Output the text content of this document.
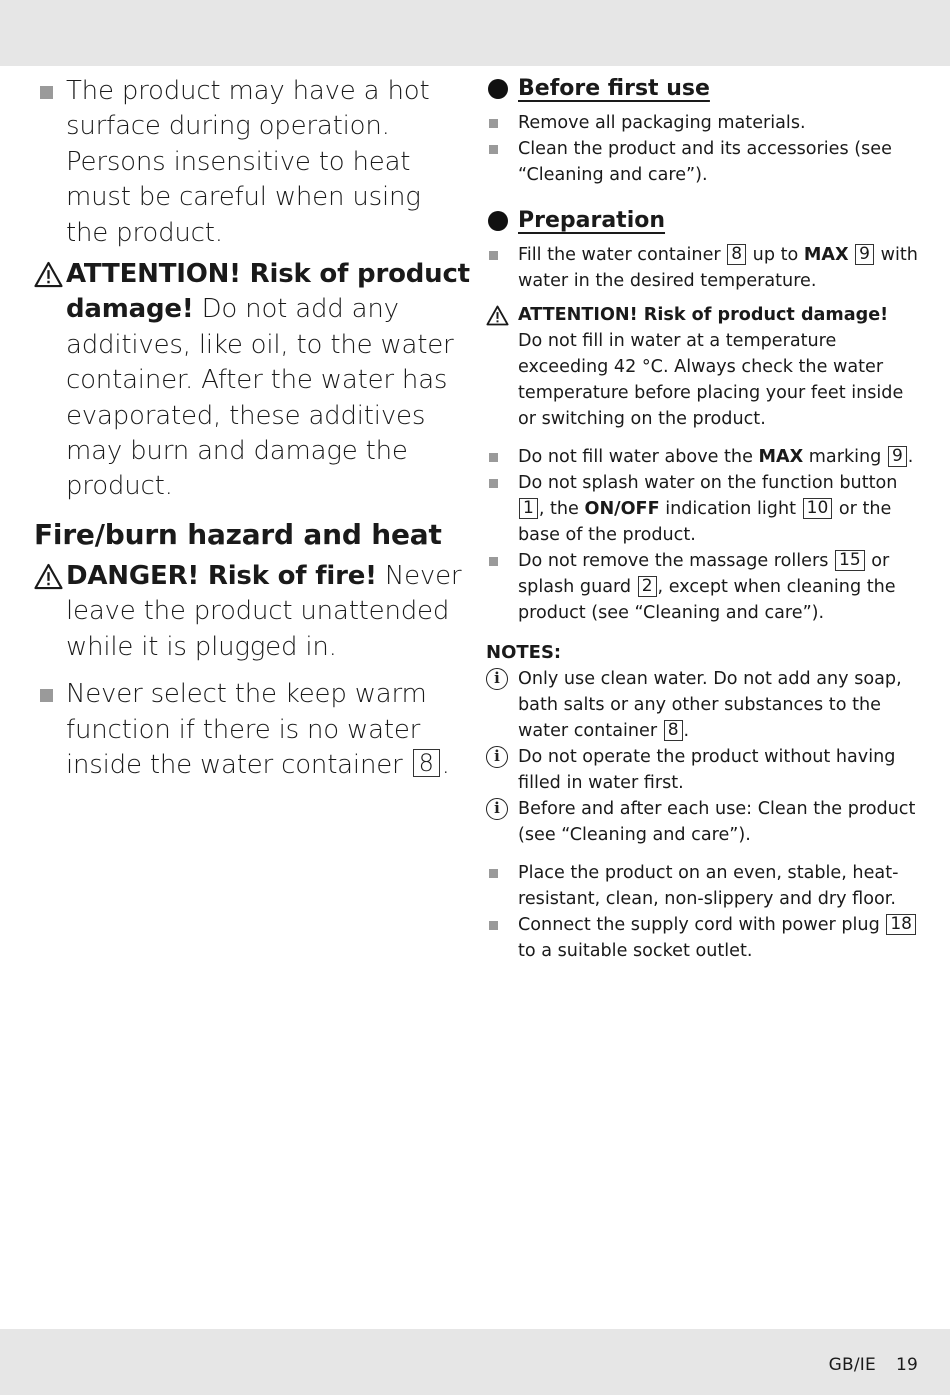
The product may have a hot surface during operation. Persons insensitive to heat must be careful when using the product.
ATTENTION! Risk of product damage! Do not add any additives, like oil, to the water container. After the water has evaporated, these additives may burn and damage the product.
Fire/burn hazard and heat
DANGER! Risk of fire! Never leave the product unattended while it is plugged in.
Never select the keep warm function if there is no water inside the water container 8 .
Before first use
Remove all packaging materials.
Clean the product and its accessories (see “Cleaning and care”).
Preparation
Fill the water container 8 up to MAX 9 with water in the desired temperature.
ATTENTION! Risk of product damage!
Do not fill in water at a temperature exceeding 42 °C. Always check the water temperature before placing your feet inside or switching on the product.
Do not fill water above the MAX marking 9 .
Do not splash water on the function button 1 , the ON/OFF indication light 10 or the base of the product.
Do not remove the massage rollers 15 or splash guard 2 , except when cleaning the product (see “Cleaning and care”).
NOTES:
i	Only use clean water. Do not add any soap, bath salts or any other substances to the water container 8 .
i	Do not operate the product without having filled in water first.
i	Before and after each use: Clean the product (see “Cleaning and care”).
Place the product on an even, stable, heat-resistant, clean, non-slippery and dry floor.
Connect the supply cord with power plug 18 to a suitable socket outlet.
GB/IE 19
